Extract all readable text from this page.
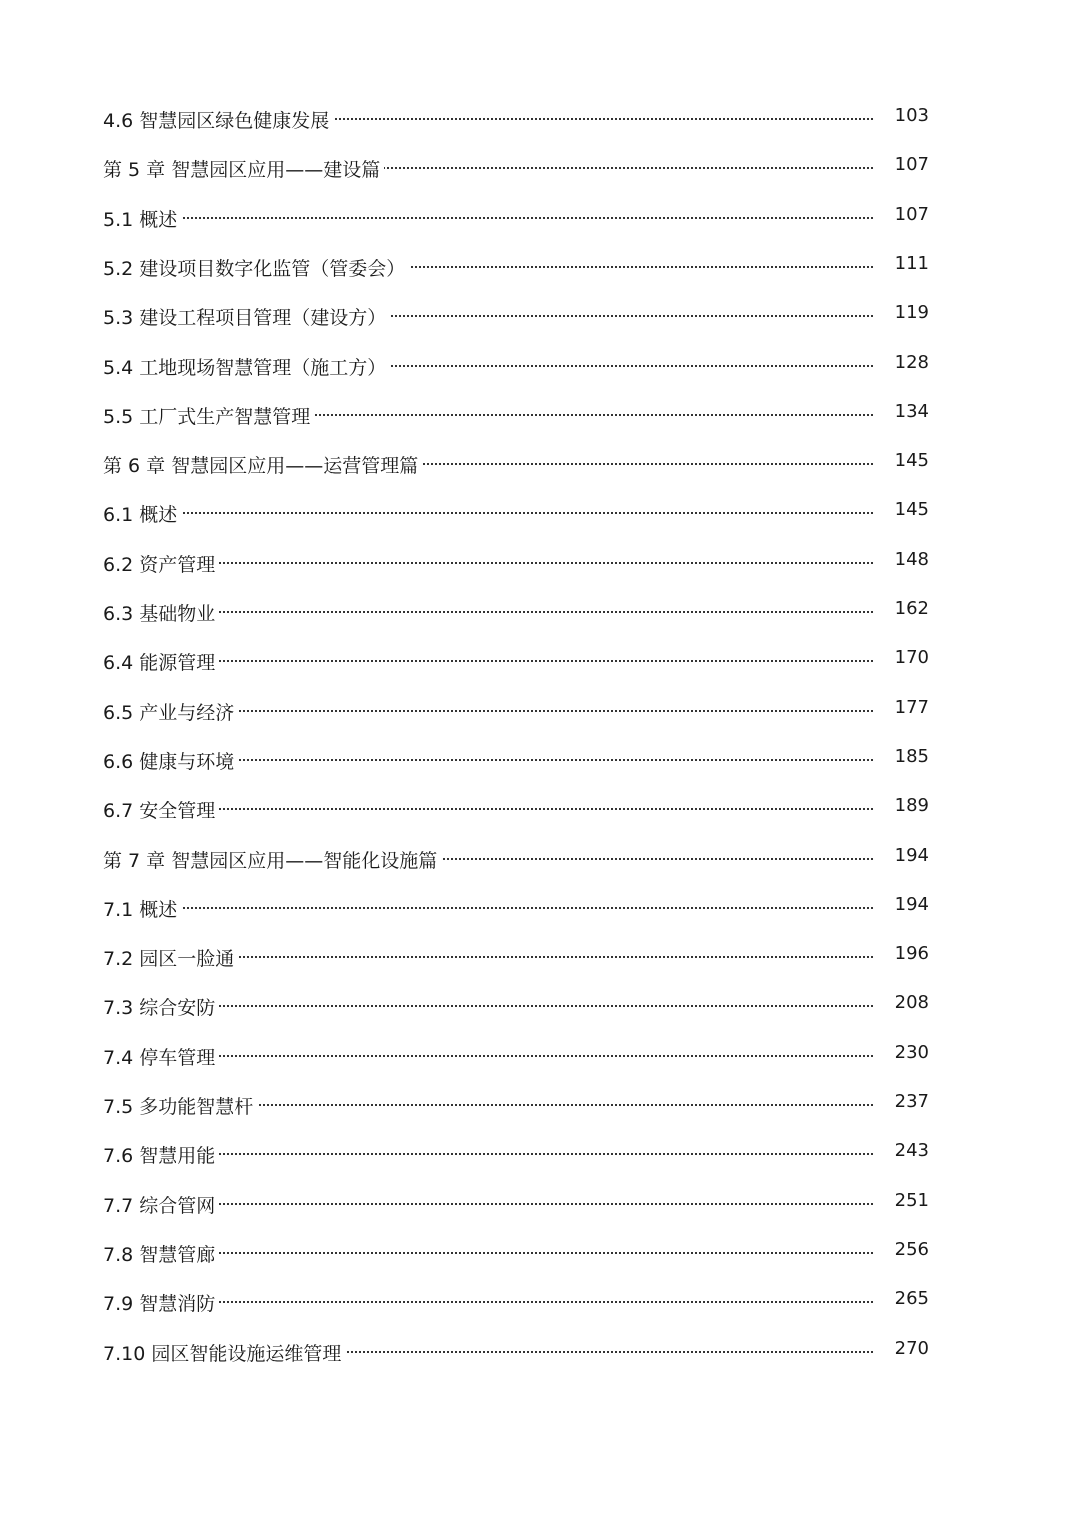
4.6 智慧园区绿色健康发展	103
第 5 章 智慧园区应用——建设篇	107
5.1 概述	107
5.2 建设项目数字化监管（管委会）	111
5.3 建设工程项目管理（建设方）	119
5.4 工地现场智慧管理（施工方）	128
5.5 工厂式生产智慧管理	134
第 6 章 智慧园区应用——运营管理篇	145
6.1 概述	145
6.2 资产管理	148
6.3 基础物业	162
6.4 能源管理	170
6.5 产业与经济	177
6.6 健康与环境	185
6.7 安全管理	189
第 7 章 智慧园区应用——智能化设施篇	194
7.1 概述	194
7.2 园区一脸通	196
7.3 综合安防	208
7.4 停车管理	230
7.5 多功能智慧杆	237
7.6 智慧用能	243
7.7 综合管网	251
7.8 智慧管廊	256
7.9 智慧消防	265
7.10 园区智能设施运维管理	270
